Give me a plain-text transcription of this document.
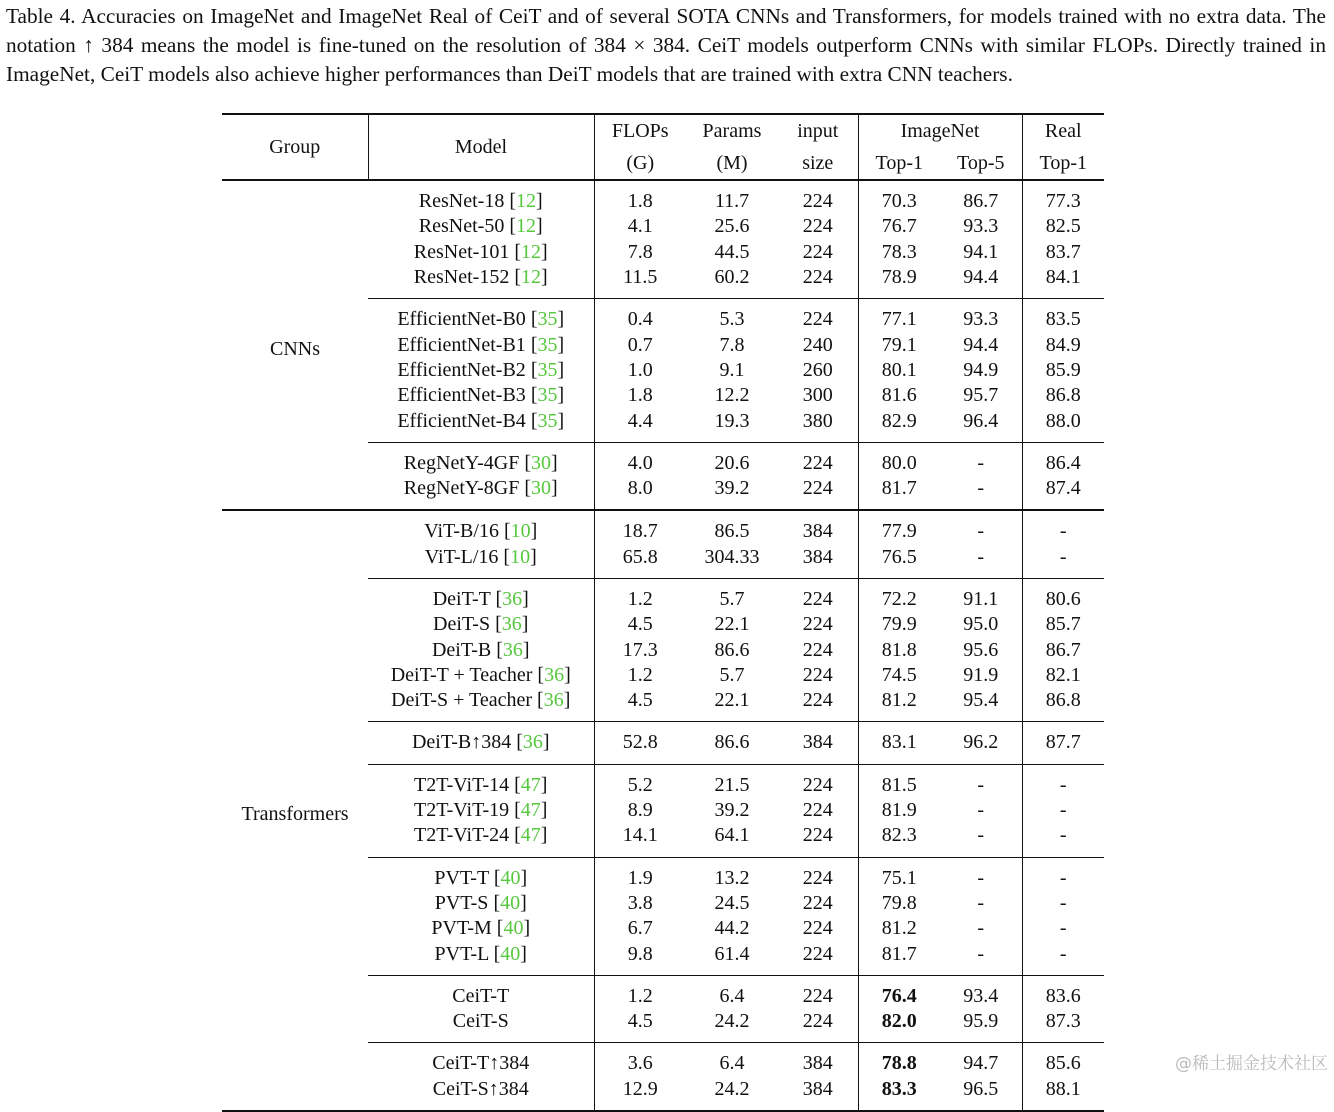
Table 4. Accuracies on ImageNet and ImageNet Real of CeiT and of several SOTA CNNs and Transformers, for models trained with no extra data. The notation ↑ 384 means the model is fine-tuned on the resolution of 384 × 384. CeiT models outperform CNNs with similar FLOPs. Directly trained in ImageNet, CeiT models also achieve higher performances than DeiT models that are trained with extra CNN teachers.
Group	Model	FLOPs	Params	input	ImageNet		Real
		(G)	(M)	size	Top-1	Top-5	Top-1
CNNs	ResNet-18 [12]	1.8	11.7	224	70.3	86.7	77.3
	ResNet-50 [12]	4.1	25.6	224	76.7	93.3	82.5
	ResNet-101 [12]	7.8	44.5	224	78.3	94.1	83.7
	ResNet-152 [12]	11.5	60.2	224	78.9	94.4	84.1
	EfficientNet-B0 [35]	0.4	5.3	224	77.1	93.3	83.5
	EfficientNet-B1 [35]	0.7	7.8	240	79.1	94.4	84.9
	EfficientNet-B2 [35]	1.0	9.1	260	80.1	94.9	85.9
	EfficientNet-B3 [35]	1.8	12.2	300	81.6	95.7	86.8
	EfficientNet-B4 [35]	4.4	19.3	380	82.9	96.4	88.0
	RegNetY-4GF [30]	4.0	20.6	224	80.0	-	86.4
	RegNetY-8GF [30]	8.0	39.2	224	81.7	-	87.4
Transformers	ViT-B/16 [10]	18.7	86.5	384	77.9	-	-
	ViT-L/16 [10]	65.8	304.33	384	76.5	-	-
	DeiT-T [36]	1.2	5.7	224	72.2	91.1	80.6
	DeiT-S [36]	4.5	22.1	224	79.9	95.0	85.7
	DeiT-B [36]	17.3	86.6	224	81.8	95.6	86.7
	DeiT-T + Teacher [36]	1.2	5.7	224	74.5	91.9	82.1
	DeiT-S + Teacher [36]	4.5	22.1	224	81.2	95.4	86.8
	DeiT-B↑384 [36]	52.8	86.6	384	83.1	96.2	87.7
	T2T-ViT-14 [47]	5.2	21.5	224	81.5	-	-
	T2T-ViT-19 [47]	8.9	39.2	224	81.9	-	-
	T2T-ViT-24 [47]	14.1	64.1	224	82.3	-	-
	PVT-T [40]	1.9	13.2	224	75.1	-	-
	PVT-S [40]	3.8	24.5	224	79.8	-	-
	PVT-M [40]	6.7	44.2	224	81.2	-	-
	PVT-L [40]	9.8	61.4	224	81.7	-	-
	CeiT-T	1.2	6.4	224	76.4	93.4	83.6
	CeiT-S	4.5	24.2	224	82.0	95.9	87.3
	CeiT-T↑384	3.6	6.4	384	78.8	94.7	85.6
	CeiT-S↑384	12.9	24.2	384	83.3	96.5	88.1
@稀土掘金技术社区
